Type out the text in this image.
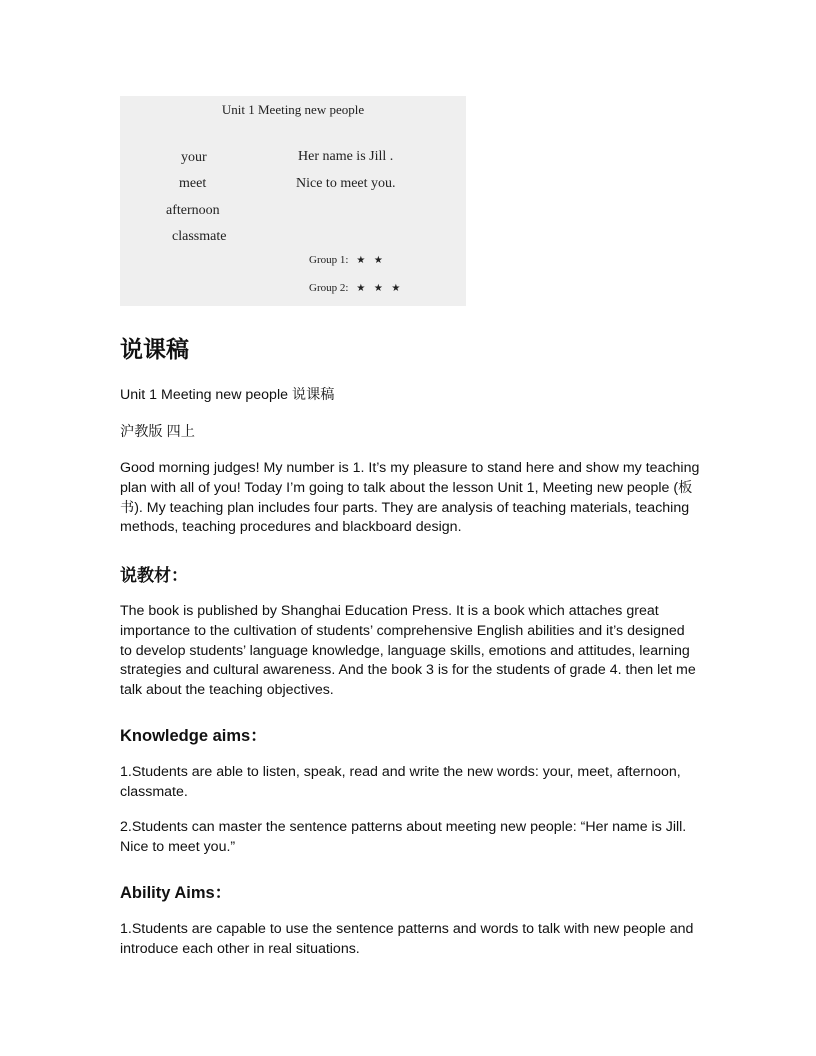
Unit 1 Meeting new people
your
meet
afternoon
classmate
Her name is Jill .
Nice to meet you.
Group 1: ★ ★
Group 2: ★ ★ ★
说课稿
Unit 1 Meeting new people 说课稿
沪教版 四上
Good morning judges! My number is 1. It’s my pleasure to stand here and show my teaching plan with all of you! Today I’m going to talk about the lesson Unit 1, Meeting new people (板书). My teaching plan includes four parts. They are analysis of teaching materials, teaching methods, teaching procedures and blackboard design.
说教材：
The book is published by Shanghai Education Press. It is a book which attaches great importance to the cultivation of students’ comprehensive English abilities and it’s designed to develop students’ language knowledge, language skills, emotions and attitudes, learning strategies and cultural awareness. And the book 3 is for the students of grade 4. then let me talk about the teaching objectives.
Knowledge aims：
1.Students are able to listen, speak, read and write the new words: your, meet, afternoon, classmate.
2.Students can master the sentence patterns about meeting new people: “Her name is Jill. Nice to meet you.”
Ability Aims：
1.Students are capable to use the sentence patterns and words to talk with new people and introduce each other in real situations.
